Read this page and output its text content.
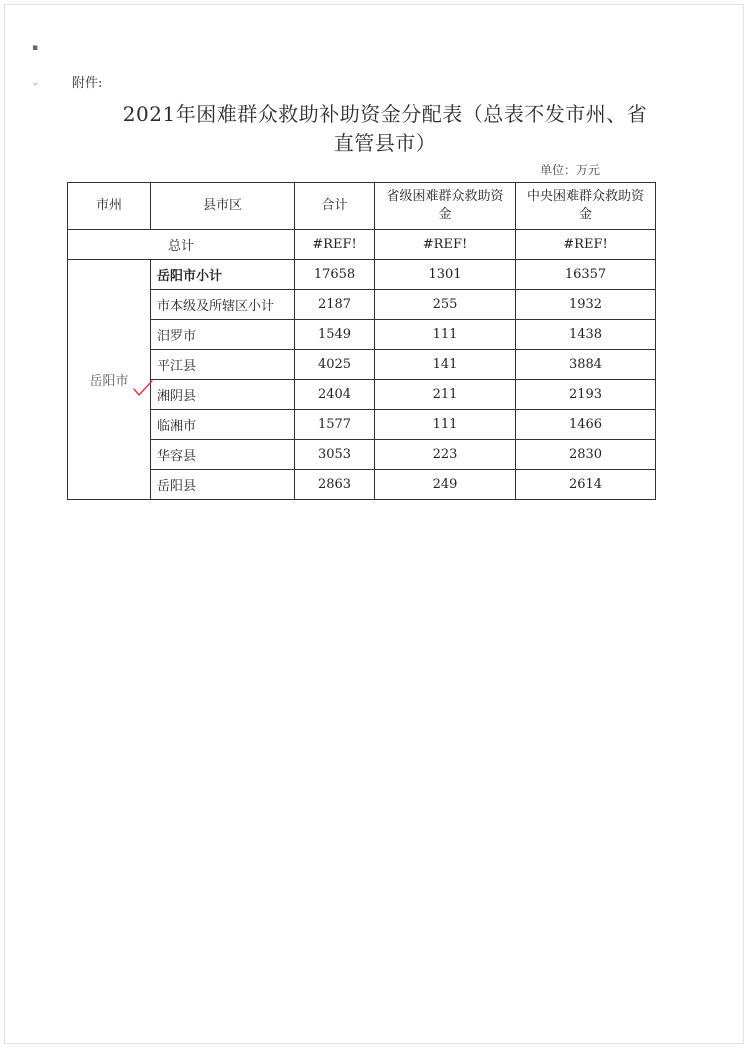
▪
ˇ	附件:
2021年困难群众救助补助资金分配表（总表不发市州、省
直管县市）
单位：万元
市州	县市区	合计	省级困难群众救助资金	中央困难群众救助资金
总计		#REF!	#REF!	#REF!
岳阳市	岳阳市小计	17658	1301	16357
	市本级及所辖区小计	2187	255	1932
	汨罗市	1549	111	1438
	平江县	4025	141	3884
	湘阴县	2404	211	2193
	临湘市	1577	111	1466
	华容县	3053	223	2830
	岳阳县	2863	249	2614
